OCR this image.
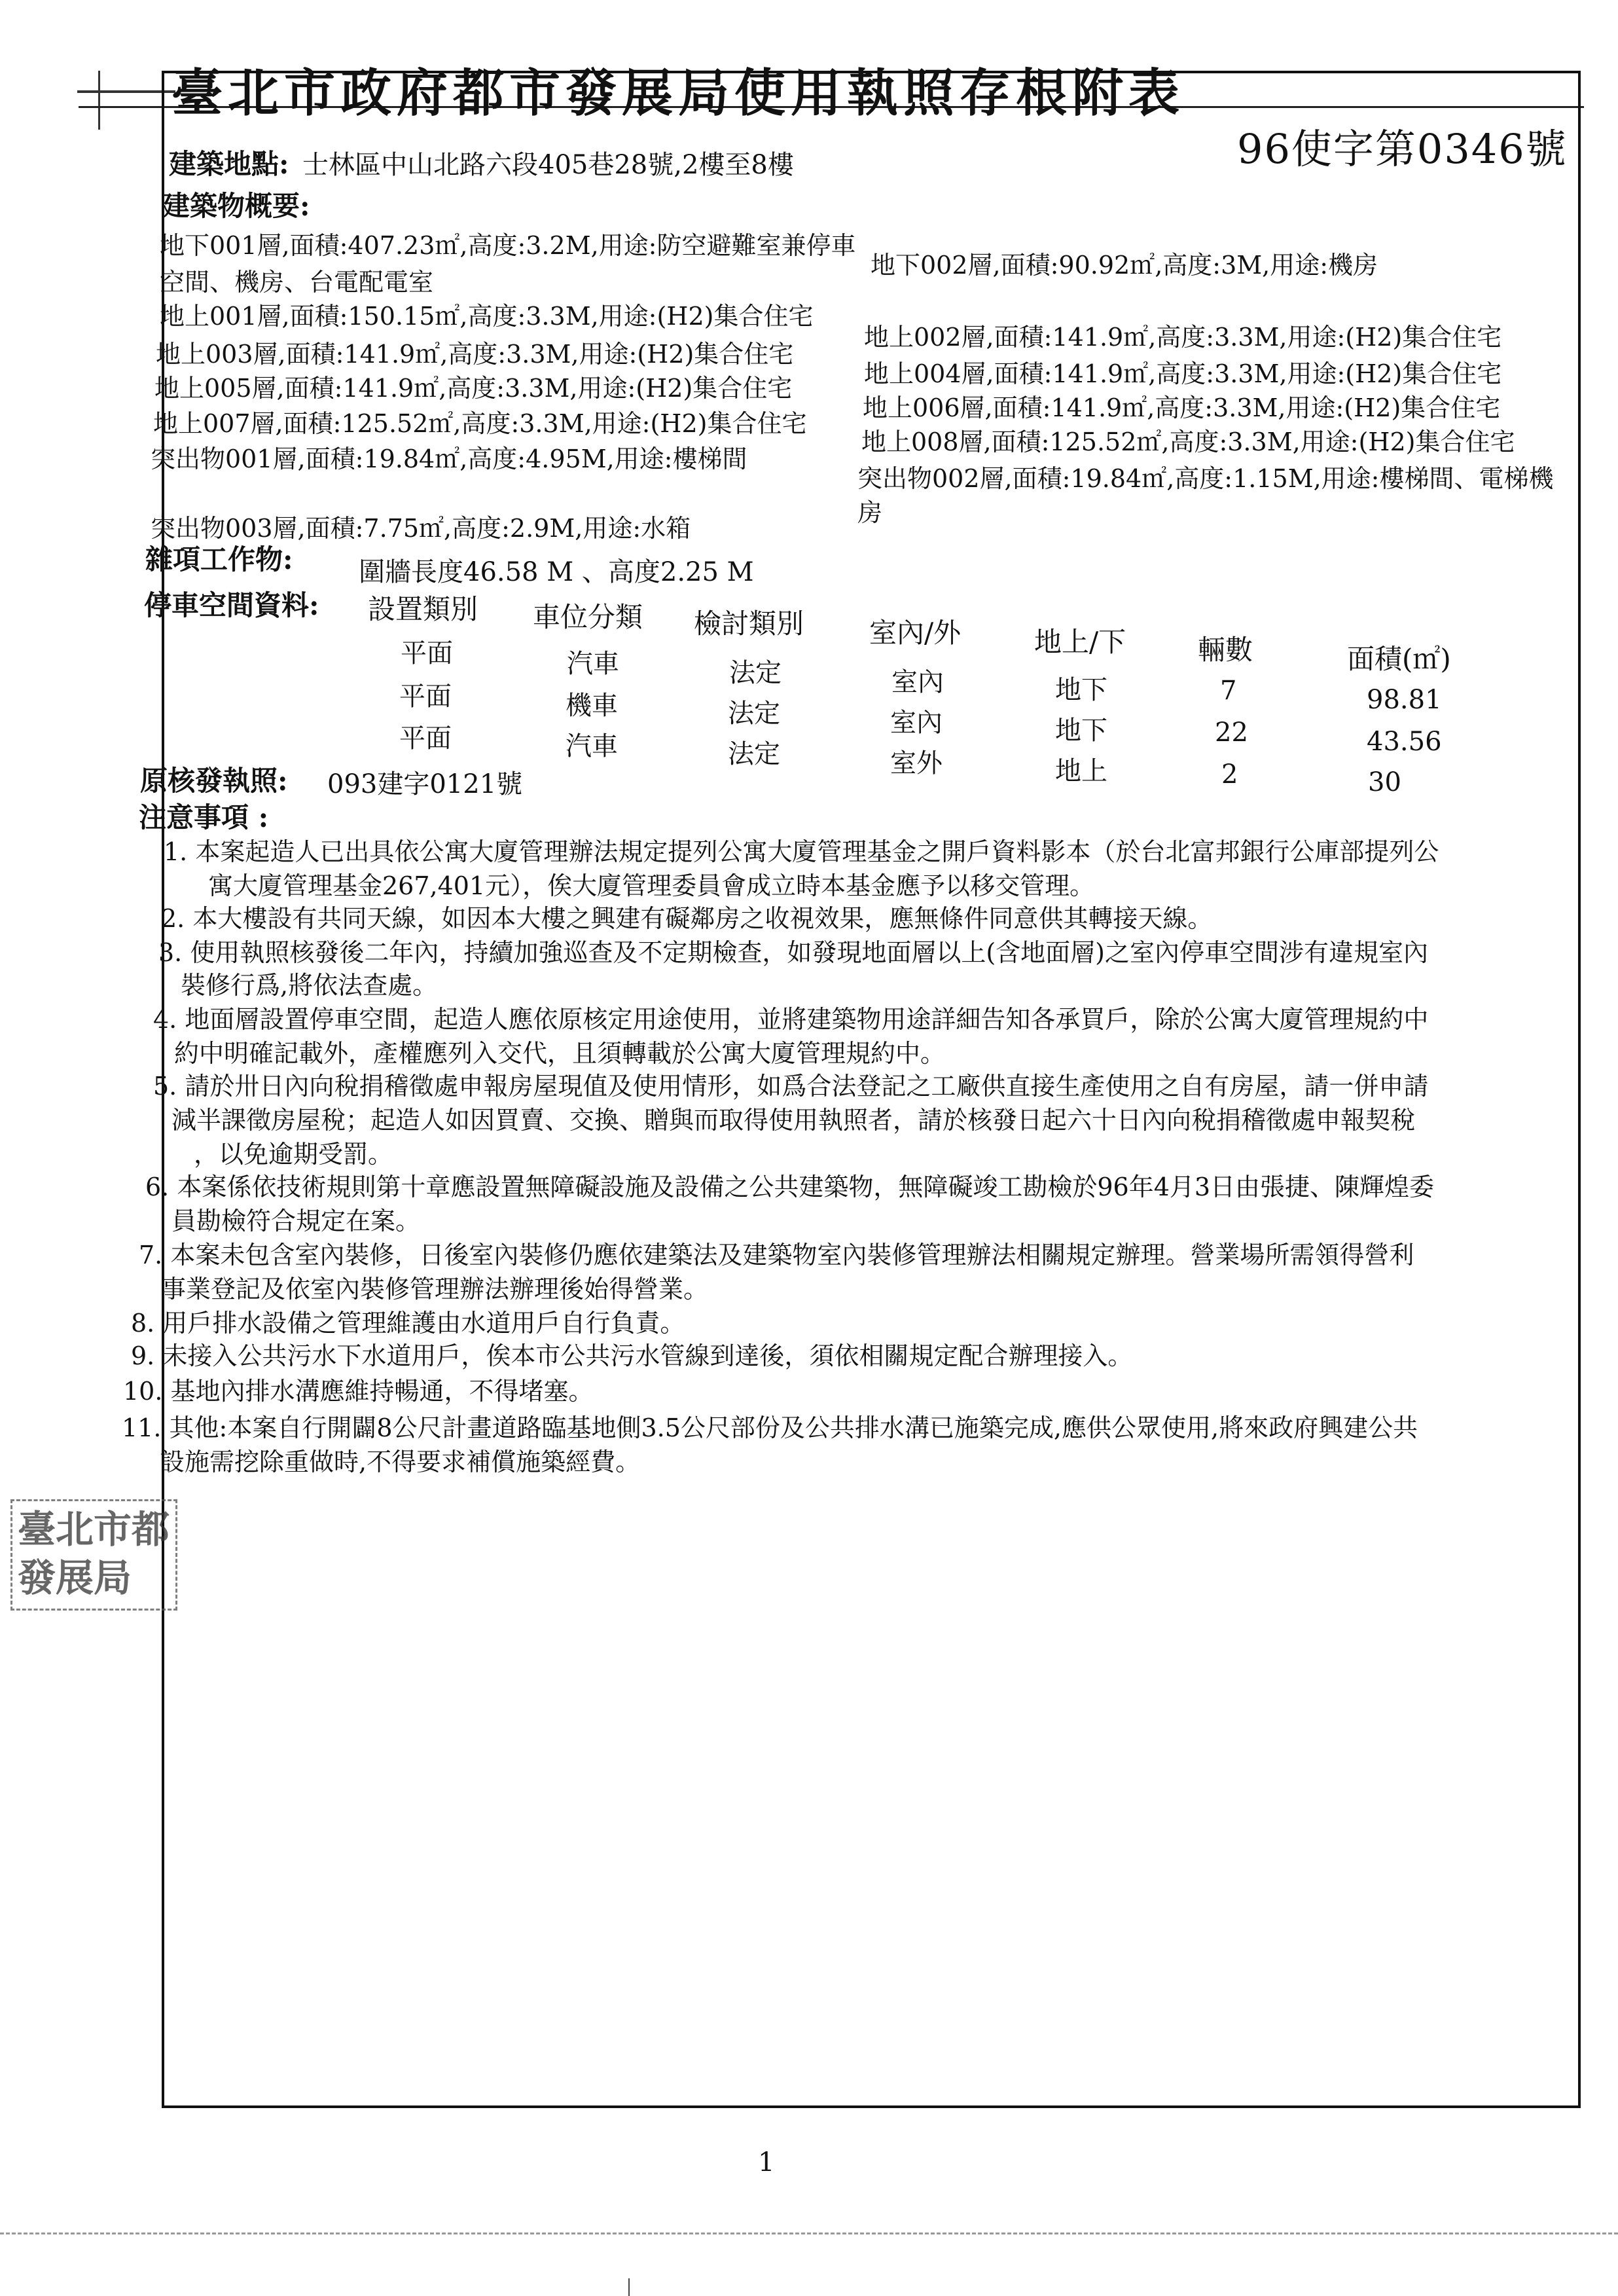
臺北市政府都市發展局使用執照存根附表
96使字第0346號
建築地點: 士林區中山北路六段405巷28號,2樓至8樓
建築物概要:
地下001層,面積:407.23㎡,高度:3.2M,用途:防空避難室兼停車
地下002層,面積:90.92㎡,高度:3M,用途:機房
空間、機房、台電配電室
地上001層,面積:150.15㎡,高度:3.3M,用途:(H2)集合住宅
地上003層,面積:141.9㎡,高度:3.3M,用途:(H2)集合住宅
地上005層,面積:141.9㎡,高度:3.3M,用途:(H2)集合住宅
地上007層,面積:125.52㎡,高度:3.3M,用途:(H2)集合住宅
突出物001層,面積:19.84㎡,高度:4.95M,用途:樓梯間
地上002層,面積:141.9㎡,高度:3.3M,用途:(H2)集合住宅
地上004層,面積:141.9㎡,高度:3.3M,用途:(H2)集合住宅
地上006層,面積:141.9㎡,高度:3.3M,用途:(H2)集合住宅
地上008層,面積:125.52㎡,高度:3.3M,用途:(H2)集合住宅
突出物002層,面積:19.84㎡,高度:1.15M,用途:樓梯間、電梯機
房
突出物003層,面積:7.75㎡,高度:2.9M,用途:水箱
雜項工作物:	圍牆長度46.58 M 、高度2.25 M
停車空間資料: 設置類別 車位分類 檢討類別 室內/外	地上/下	輛數	面積(㎡)
平面	汽車	法定	室內	地下	7	98.81
平面	機車	法定	室內	地下	22	43.56
平面	汽車	法定	室外	地上	2	30
原核發執照: 093建字0121號
注意事項 :
1. 本案起造人已出具依公寓大廈管理辦法規定提列公寓大廈管理基金之開戶資料影本（於台北富邦銀行公庫部提列公
寓大廈管理基金267,401元），俟大廈管理委員會成立時本基金應予以移交管理。
2. 本大樓設有共同天線，如因本大樓之興建有礙鄰房之收視效果，應無條件同意供其轉接天線。
3. 使用執照核發後二年內，持續加強巡查及不定期檢查，如發現地面層以上(含地面層)之室內停車空間涉有違規室內
裝修行爲,將依法查處。
4. 地面層設置停車空間，起造人應依原核定用途使用，並將建築物用途詳細告知各承買戶，除於公寓大廈管理規約中
約中明確記載外，產權應列入交代，且須轉載於公寓大廈管理規約中。
5. 請於卅日內向稅捐稽徵處申報房屋現值及使用情形，如爲合法登記之工廠供直接生產使用之自有房屋，請一併申請
減半課徵房屋稅；起造人如因買賣、交換、贈與而取得使用執照者，請於核發日起六十日內向稅捐稽徵處申報契稅
，以免逾期受罰。
6. 本案係依技術規則第十章應設置無障礙設施及設備之公共建築物，無障礙竣工勘檢於96年4月3日由張捷、陳輝煌委
員勘檢符合規定在案。
7. 本案未包含室內裝修，日後室內裝修仍應依建築法及建築物室內裝修管理辦法相關規定辦理。營業場所需領得營利
事業登記及依室內裝修管理辦法辦理後始得營業。
8. 用戶排水設備之管理維護由水道用戶自行負責。
9. 未接入公共污水下水道用戶，俟本市公共污水管線到達後，須依相關規定配合辦理接入。
10. 基地內排水溝應維持暢通，不得堵塞。
11. 其他:本案自行開闢8公尺計畫道路臨基地側3.5公尺部份及公共排水溝已施築完成,應供公眾使用,將來政府興建公共
設施需挖除重做時,不得要求補償施築經費。
臺北市都
發展局
1
